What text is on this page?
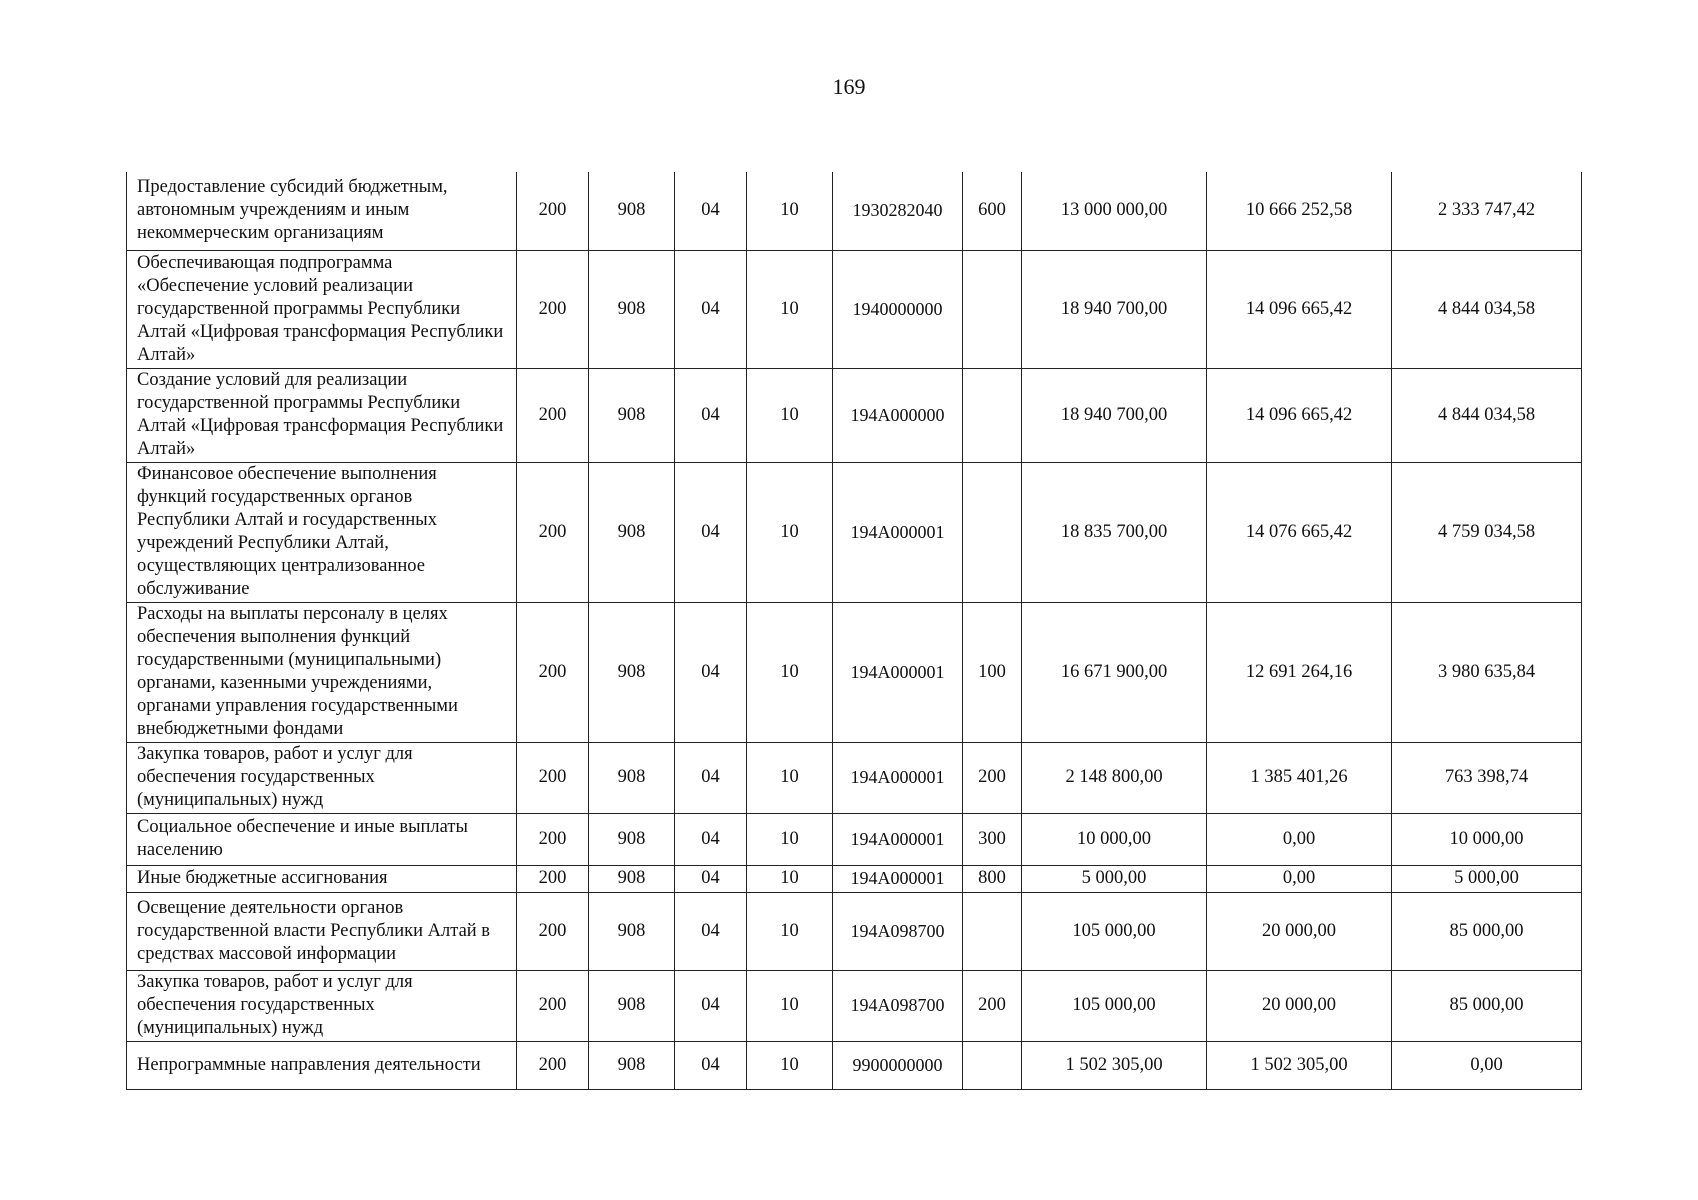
169
Предоставление субсидий бюджетным, автономным учреждениям и иным некоммерческим организациям	200	908	04	10	1930282040	600	13 000 000,00	10 666 252,58	2 333 747,42
Обеспечивающая подпрограмма «Обеспечение условий реализации государственной программы Республики Алтай «Цифровая трансформация Республики Алтай»	200	908	04	10	1940000000		18 940 700,00	14 096 665,42	4 844 034,58
Создание условий для реализации государственной программы Республики Алтай «Цифровая трансформация Республики Алтай»	200	908	04	10	194А000000		18 940 700,00	14 096 665,42	4 844 034,58
Финансовое обеспечение выполнения функций государственных органов Республики Алтай и государственных учреждений Республики Алтай, осуществляющих централизованное обслуживание	200	908	04	10	194А000001		18 835 700,00	14 076 665,42	4 759 034,58
Расходы на выплаты персоналу в целях обеспечения выполнения функций государственными (муниципальными) органами, казенными учреждениями, органами управления государственными внебюджетными фондами	200	908	04	10	194А000001	100	16 671 900,00	12 691 264,16	3 980 635,84
Закупка товаров, работ и услуг для обеспечения государственных (муниципальных) нужд	200	908	04	10	194А000001	200	2 148 800,00	1 385 401,26	763 398,74
Социальное обеспечение и иные выплаты населению	200	908	04	10	194А000001	300	10 000,00	0,00	10 000,00
Иные бюджетные ассигнования	200	908	04	10	194А000001	800	5 000,00	0,00	5 000,00
Освещение деятельности органов государственной власти Республики Алтай в средствах массовой информации	200	908	04	10	194А098700		105 000,00	20 000,00	85 000,00
Закупка товаров, работ и услуг для обеспечения государственных (муниципальных) нужд	200	908	04	10	194А098700	200	105 000,00	20 000,00	85 000,00
Непрограммные направления деятельности	200	908	04	10	9900000000		1 502 305,00	1 502 305,00	0,00
